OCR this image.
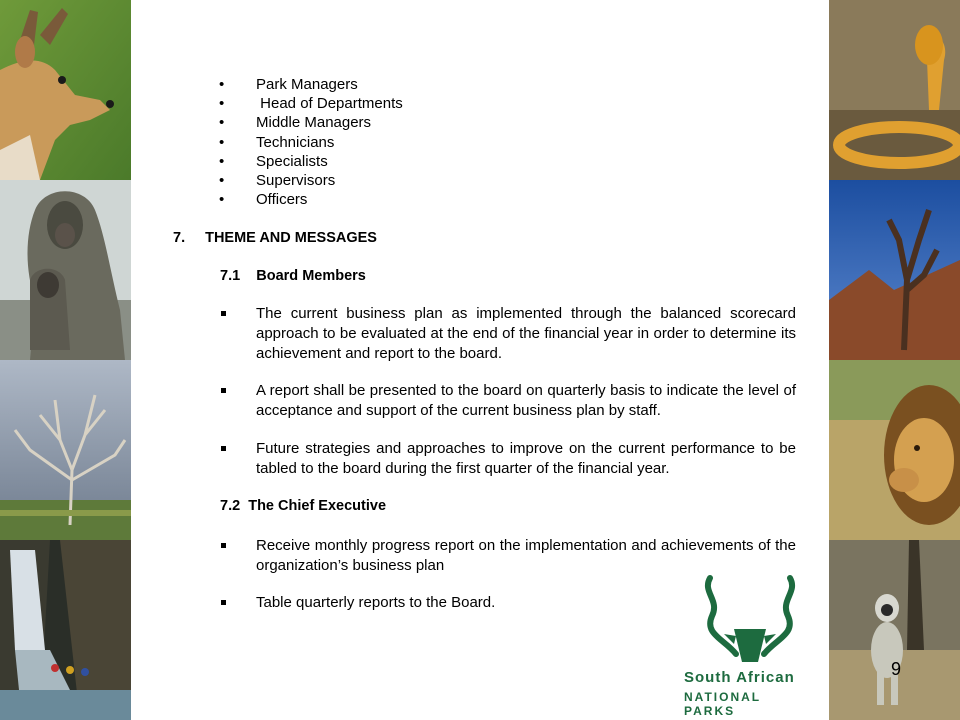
• Park Managers
• Head of Departments
• Middle Managers
• Technicians
• Specialists
• Supervisors
• Officers
7. THEME AND MESSAGES
7.1    Board Members
The current business plan as implemented through the balanced scorecard approach to be evaluated at the end of the financial year in order to determine its achievement and report to the board.
A report shall be presented to the board on quarterly basis to indicate the level of acceptance and support of the current business plan by staff.
Future strategies and approaches to improve on the current performance to be tabled to the board during the first quarter of the financial year.
7.2  The Chief Executive
Receive monthly progress report on the implementation and achievements of the organization’s business plan
Table quarterly reports to the Board.
South African
NATIONAL PARKS
9
